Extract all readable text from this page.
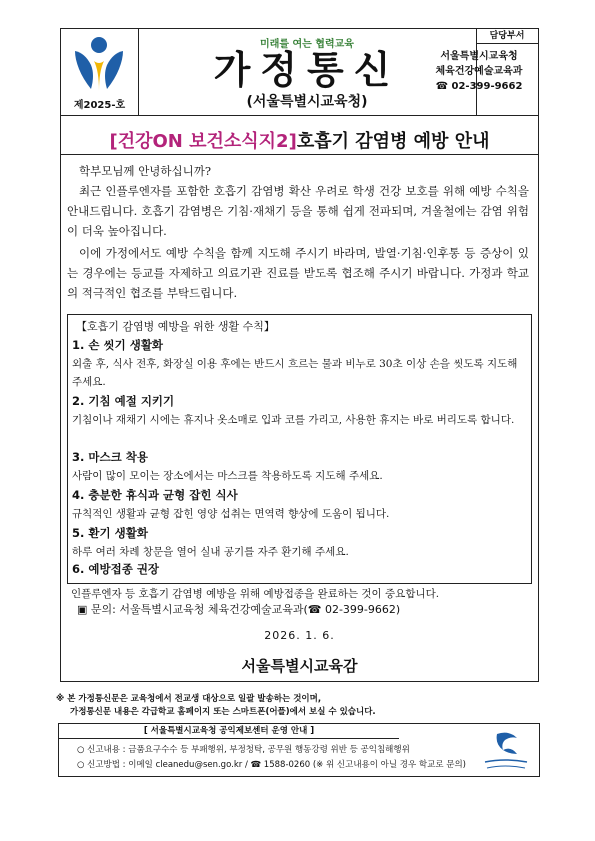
제2025-호
미래를 여는 협력교육
가정통신
(서울특별시교육청)
담당부서
서울특별시교육청
체육건강예술교육과
☎ 02-399-9662
[건강ON 보건소식지2]호흡기 감염병 예방 안내
학부모님께 안녕하십니까?
최근 인플루엔자를 포함한 호흡기 감염병 확산 우려로 학생 건강 보호를 위해 예방 수칙을 안내드립니다. 호흡기 감염병은 기침·재채기 등을 통해 쉽게 전파되며, 겨울철에는 감염 위험이 더욱 높아집니다.
이에 가정에서도 예방 수칙을 함께 지도해 주시기 바라며, 발열·기침·인후통 등 증상이 있는 경우에는 등교를 자제하고 의료기관 진료를 받도록 협조해 주시기 바랍니다. 가정과 학교의 적극적인 협조를 부탁드립니다.
【호흡기 감염병 예방을 위한 생활 수칙】
1. 손 씻기 생활화
외출 후, 식사 전후, 화장실 이용 후에는 반드시 흐르는 물과 비누로 30초 이상 손을 씻도록 지도해 주세요.
2. 기침 예절 지키기
기침이나 재채기 시에는 휴지나 옷소매로 입과 코를 가리고, 사용한 휴지는 바로 버리도록 합니다.
3. 마스크 착용
사람이 많이 모이는 장소에서는 마스크를 착용하도록 지도해 주세요.
4. 충분한 휴식과 균형 잡힌 식사
규칙적인 생활과 균형 잡힌 영양 섭취는 면역력 향상에 도움이 됩니다.
5. 환기 생활화
하루 여러 차례 창문을 열어 실내 공기를 자주 환기해 주세요.
6. 예방접종 권장
인플루엔자 등 호흡기 감염병 예방을 위해 예방접종을 완료하는 것이 중요합니다.
▣ 문의: 서울특별시교육청 체육건강예술교육과(☎ 02-399-9662)
2026. 1. 6.
서울특별시교육감
※ 본 가정통신문은 교육청에서 전교생 대상으로 일괄 발송하는 것이며,
가정통신문 내용은 각급학교 홈페이지 또는 스마트폰(어플)에서 보실 수 있습니다.
[ 서울특별시교육청 공익제보센터 운영 안내 ]
○ 신고내용 : 금품요구수수 등 부패행위, 부정청탁, 공무원 행동강령 위반 등 공익침해행위
○ 신고방법 : 이메일 cleanedu@sen.go.kr / ☎ 1588-0260 (※ 위 신고내용이 아닐 경우 학교로 문의)
